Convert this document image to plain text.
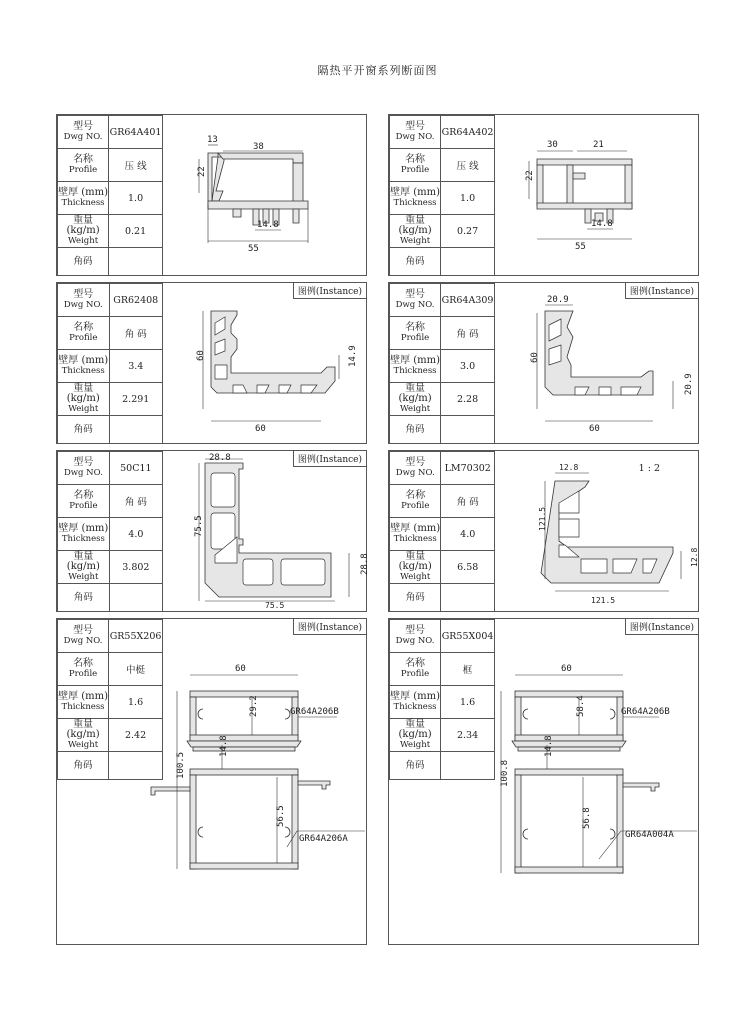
隔热平开窗系列断面图
型号
Dwg NO.	GR64A401

名称
Profile	压 线

壁厚 (mm)
Thickness	1.0

重量 (kg/m)
Weight	0.21
角码	
13
38
22
14.8
55
型号
Dwg NO.	GR64A402

名称
Profile	压 线

壁厚 (mm)
Thickness	1.0

重量 (kg/m)
Weight	0.27
角码	
30	21
22
14.8
55
型号
Dwg NO.	GR62408

名称
Profile	角 码

壁厚 (mm)
Thickness	3.4

重量 (kg/m)
Weight	2.291
角码	
图例(Instance)
60	14.9
60
型号
Dwg NO.	GR64A309

名称
Profile	角 码

壁厚 (mm)
Thickness	3.0

重量 (kg/m)
Weight	2.28
角码	
图例(Instance)
20.9
60
20.9
60
型号
Dwg NO.	50C11

名称
Profile	角 码

壁厚 (mm)
Thickness	4.0

重量 (kg/m)
Weight	3.802
角码	
图例(Instance)
28.8
75.5
28.8
75.5
型号
Dwg NO.	LM70302

名称
Profile	角 码

壁厚 (mm)
Thickness	4.0

重量 (kg/m)
Weight	6.58
角码	
1 : 2
12.8
121.5
12.8
121.5
型号
Dwg NO.	GR55X206

名称
Profile	中梃

壁厚 (mm)
Thickness	1.6

重量 (kg/m)
Weight	2.42
角码	
图例(Instance)
60
29.2
14.8
100.5
56.5
GR64A206B
GR64A206A
型号
Dwg NO.	GR55X004

名称
Profile	框

壁厚 (mm)
Thickness	1.6

重量 (kg/m)
Weight	2.34
角码	
图例(Instance)
60
58.4
14.8
100.8
56.8
GR64A206B
GR64A004A
